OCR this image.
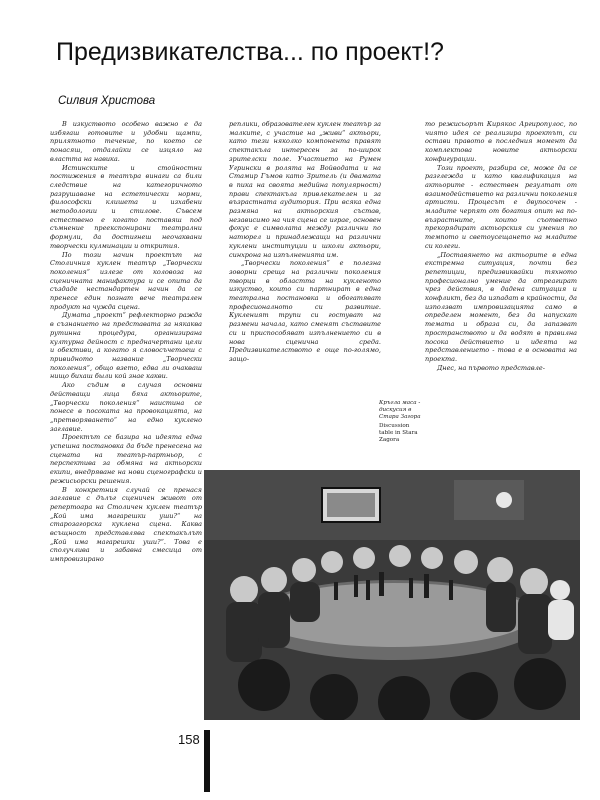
Предизвикателства... по проект!?
Силвия Христова

В изкуството особено важно е да избягаш готовите и удобни щампи, прилятното течение, по което се понасяш, отдалайки се изцяло на властта на навика.

Истинските и стойностни постижения в театъра винаги са били следствие на категоричното разрушаване на естетически норми, философски клишета и изхабени методологии и стилове. Съвсем естествено е когато поставяш под съмнение преекспонирани театрални формули, да достигнеш неочаквани творчески кулминации и открития.

По този начин проектът на Столичния куклен театър „Творчески поколения“ излезе от коловоза на сценичната манифактура и се опита да създаде нестандартен начин да се пренесе един познат вече театрален продукт на чужда сцена.

Думата „проект“ рефлекторно ражда в съзнанието на представата за някаква рутинна процедура, организирана културна дейност с предначертани цели и обективи, а когато я словосъчетаеш с привидното название „Творчески поколения“, общо взето, едва ли очакваш нищо бихаш были кой знае какви.

Ако съдим в случая основни действащи лица бяха актьорите, „Творчески поколения“ наистина се понесе в посоката на провокацията, на „претворяването“ на едно куклено заглавие.

Проектът се базира на идеята една успешна постановка да бъде пренесена на сцената на театър-партньор, с перспектива за обмяна на актьорски екипи, внедряване на нови сценографски и режисьорски решения.

В конкретния случай се пренася заглавие с дълъг сценичен живот от репертоара на Столичен куклен театър „Кой има магарешки уши?“ на старозагорска куклена сцена. Каква всъщност представлява спектакълът „Кой има магарешки уши?“. Това е сполучлива и забавна смесица от импровизирано

реплики, образователен куклен театър за малките, с участие на „живи“ актьори, като тези няколко компонента правят спектакъла интересен за по-широк зрителски поле. Участието на Румен Угрински в ролята на Войводата и на Стамир Гъмов като Зритель (и двамата в пика на своята медийна популярност) прави спектакъла привлекателен и за възрастната аудитория. При всяка една размяна на актьорския състав, независимо на чия сцена се играе, основен фокус е символата между различни по натюрел и принадлежащи на различни куклени институции и школи актьори, синхрона на изпълненията им.

„Творчески поколения“ е полезна зоворни среща на различни поколения творци в областта на кукленото изкуство, които си партнират в една театрална постановка и обогатяват професионалното си развитие. Кукленият трупи си гостуват на размени начала, като сменят съставите си и приспособяват изпълнението си в нова сценична среда. Предизвикателството е още по-голямо, защо-

то режисьорът Кирякос Аргиропулос, по чиято идея се реализира проектът, си остави правото в последния момент да комплектова новите актьорски конфигурации.

Този проект, разбира се, може да се разглежда и като квалификация на актьорите - естествен резултат от взаимодействието на различни поколения артисти. Процесът е двупосочен - младите черпят от богатия опит на по-възрастните, които съответно прекорядират актьорския си умения по темпото и светоусещането на младите си колеги.

„Поставянето на актьорите в една екстремна ситуация, почти без репетиции, предизвиквайки тяхното професионално умение да отреагират чрез действия, в дадена ситуация и конфликт, без да изпадат в крайности, да използват импровизацията само в определен момент, без да напускат темата и образа си, да запазват пространството и да водят в правилна посока действието и идеята на представлението - това е в основата на проекта.

Днес, на първото представле-

Кръгла маса - дискусия в Стара Загора
Discussion table in Stara Zagora
158
